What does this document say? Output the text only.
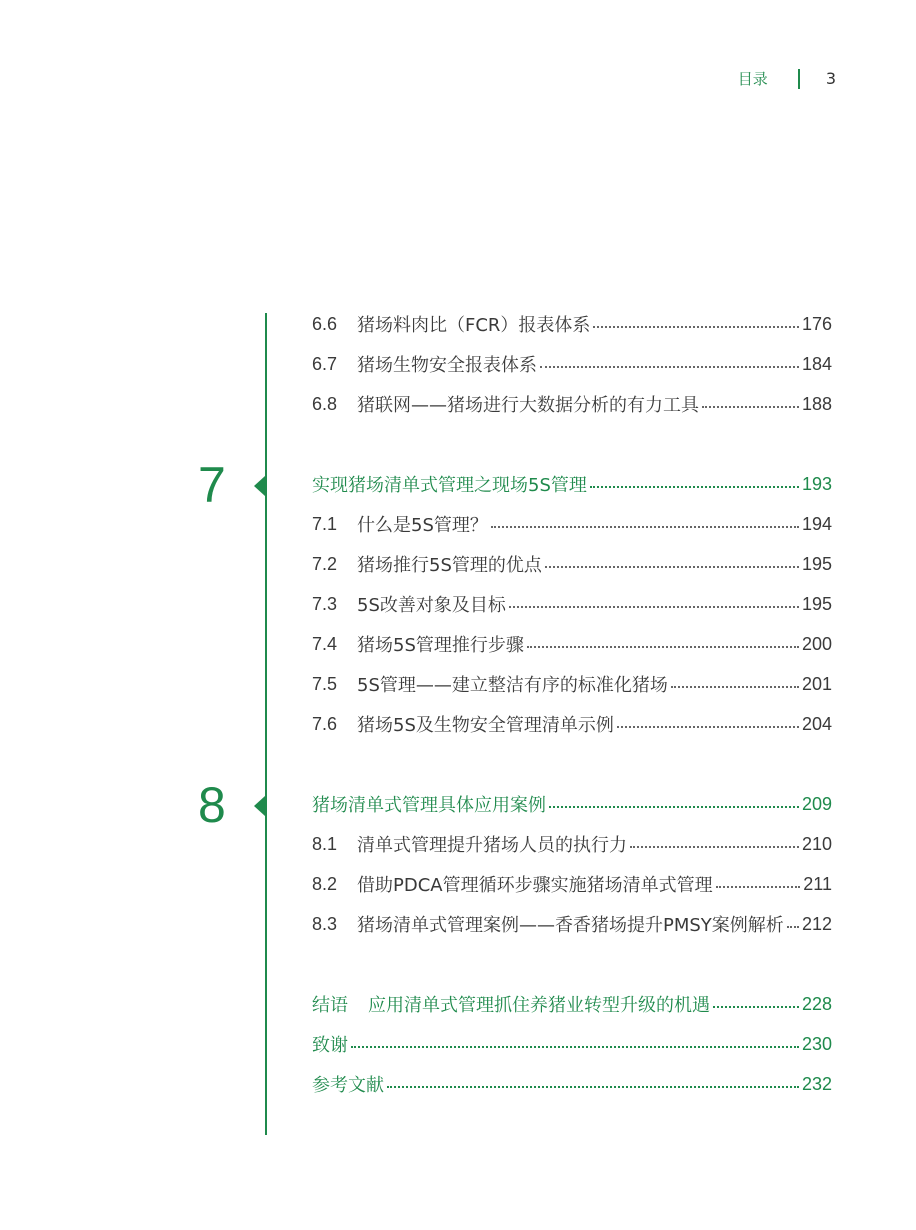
目录	3
6.6	猪场料肉比（FCR）报表体系	176
6.7	猪场生物安全报表体系	184
6.8	猪联网——猪场进行大数据分析的有力工具	188
7	实现猪场清单式管理之现场5S管理	193
7.1	什么是5S管理？	194
7.2	猪场推行5S管理的优点	195
7.3	5S改善对象及目标	195
7.4	猪场5S管理推行步骤	200
7.5	5S管理——建立整洁有序的标准化猪场	201
7.6	猪场5S及生物安全管理清单示例	204
8	猪场清单式管理具体应用案例	209
8.1	清单式管理提升猪场人员的执行力	210
8.2	借助PDCA管理循环步骤实施猪场清单式管理	211
8.3	猪场清单式管理案例——香香猪场提升PMSY案例解析 212
结语 应用清单式管理抓住养猪业转型升级的机遇	228
致谢	230
参考文献	232
